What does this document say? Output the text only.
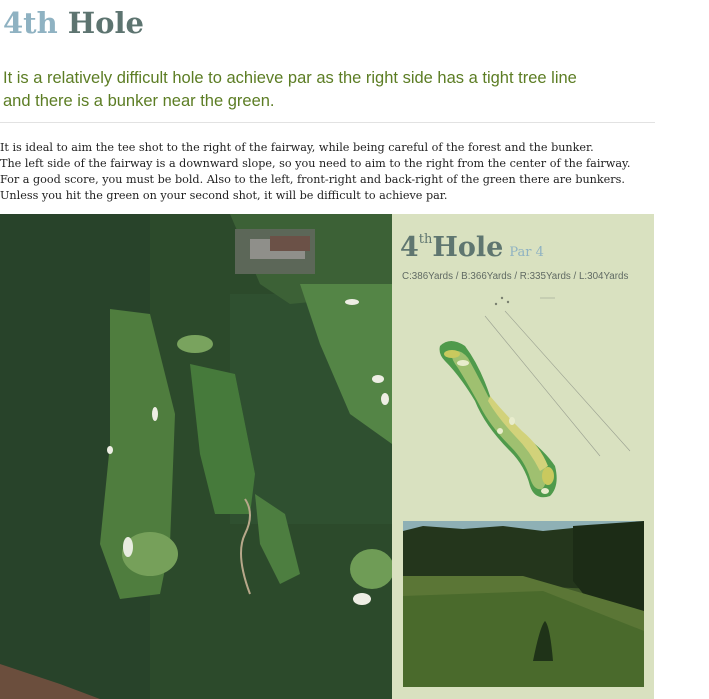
4th Hole

It is a relatively difficult hole to achieve par as the right side has a tight tree line and there is a bunker near the green.

It is ideal to aim the tee shot to the right of the fairway, while being careful of the forest and the bunker.
The left side of the fairway is a downward slope, so you need to aim to the right from the center of the fairway.
For a good score, you must be bold. Also to the left, front-right and back-right of the green there are bunkers.
Unless you hit the green on your second shot, it will be difficult to achieve par.

4thHole Par 4
C:386Yards / B:366Yards / R:335Yards / L:304Yards
